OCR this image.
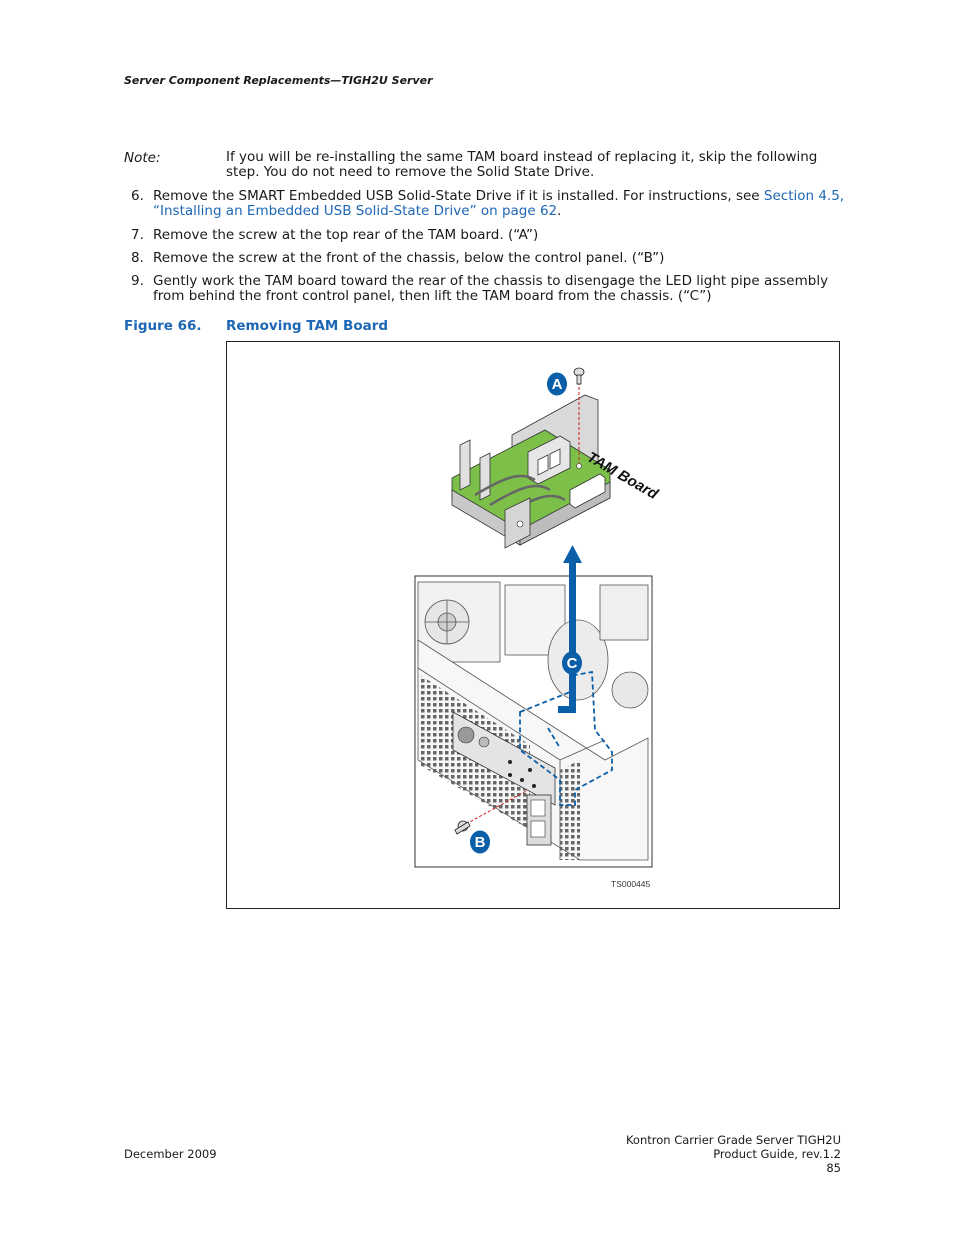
Server Component Replacements—TIGH2U Server
Note:	If you will be re-installing the same TAM board instead of replacing it, skip the following step. You do not need to remove the Solid State Drive.
6. Remove the SMART Embedded USB Solid-State Drive if it is installed. For instructions, see Section 4.5, “Installing an Embedded USB Solid-State Drive” on page 62.
7. Remove the screw at the top rear of the TAM board. (“A”)
8. Remove the screw at the front of the chassis, below the control panel. (“B”)
9. Gently work the TAM board toward the rear of the chassis to disengage the LED light pipe assembly from behind the front control panel, then lift the TAM board from the chassis. (“C”)
Figure 66. Removing TAM Board
A
B
C
TAM Board
TS000445
December 2009
Kontron Carrier Grade Server TIGH2U
Product Guide, rev.1.2
85
